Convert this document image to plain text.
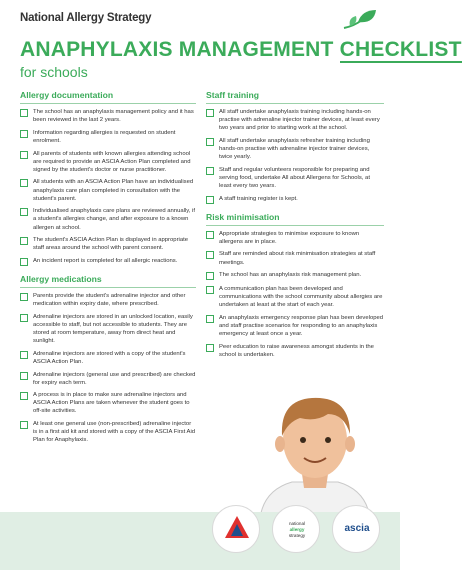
National Allergy Strategy
ANAPHYLAXIS MANAGEMENT CHECKLIST
for schools
Allergy documentation
The school has an anaphylaxis management policy and it has been reviewed in the last 2 years.
Information regarding allergies is requested on student enrolment.
All parents of students with known allergies attending school are required to provide an ASCIA Action Plan completed and signed by the student's doctor or nurse practitioner.
All students with an ASCIA Action Plan have an individualised anaphylaxis care plan completed in consultation with the student's parent.
Individualised anaphylaxis care plans are reviewed annually, if a student's allergies change, and after exposure to a known allergen at school.
The student's ASCIA Action Plan is displayed in appropriate staff areas around the school with parent consent.
An incident report is completed for all allergic reactions.
Allergy medications
Parents provide the student's adrenaline injector and other medication within expiry date, where prescribed.
Adrenaline injectors are stored in an unlocked location, easily accessible to staff, but not accessible to students. They are stored at room temperature, away from direct heat and sunlight.
Adrenaline injectors are stored with a copy of the student's ASCIA Action Plan.
Adrenaline injectors (general use and prescribed) are checked for expiry each term.
A process is in place to make sure adrenaline injectors and ASCIA Action Plans are taken whenever the student goes to off-site activities.
At least one general use (non-prescribed) adrenaline injector is in a first aid kit and stored with a copy of the ASCIA First Aid Plan for Anaphylaxis.
Staff training
All staff undertake anaphylaxis training including hands-on practise with adrenaline injector trainer devices, at least every two years and prior to starting work at the school.
All staff undertake anaphylaxis refresher training including hands-on practise with adrenaline injector trainer devices, twice yearly.
Staff and regular volunteers responsible for preparing and serving food, undertake All about Allergens for Schools, at least every two years.
A staff training register is kept.
Risk minimisation
Appropriate strategies to minimise exposure to known allergens are in place.
Staff are reminded about risk minimisation strategies at staff meetings.
The school has an anaphylaxis risk management plan.
A communication plan has been developed and communications with the school community about allergies are undertaken at least at the start of each year.
An anaphylaxis emergency response plan has been developed and staff practise scenarios for responding to an anaphylaxis emergency at least once a year.
Peer education to raise awareness amongst students in the school is undertaken.
national
allergy
strategy
ascia
